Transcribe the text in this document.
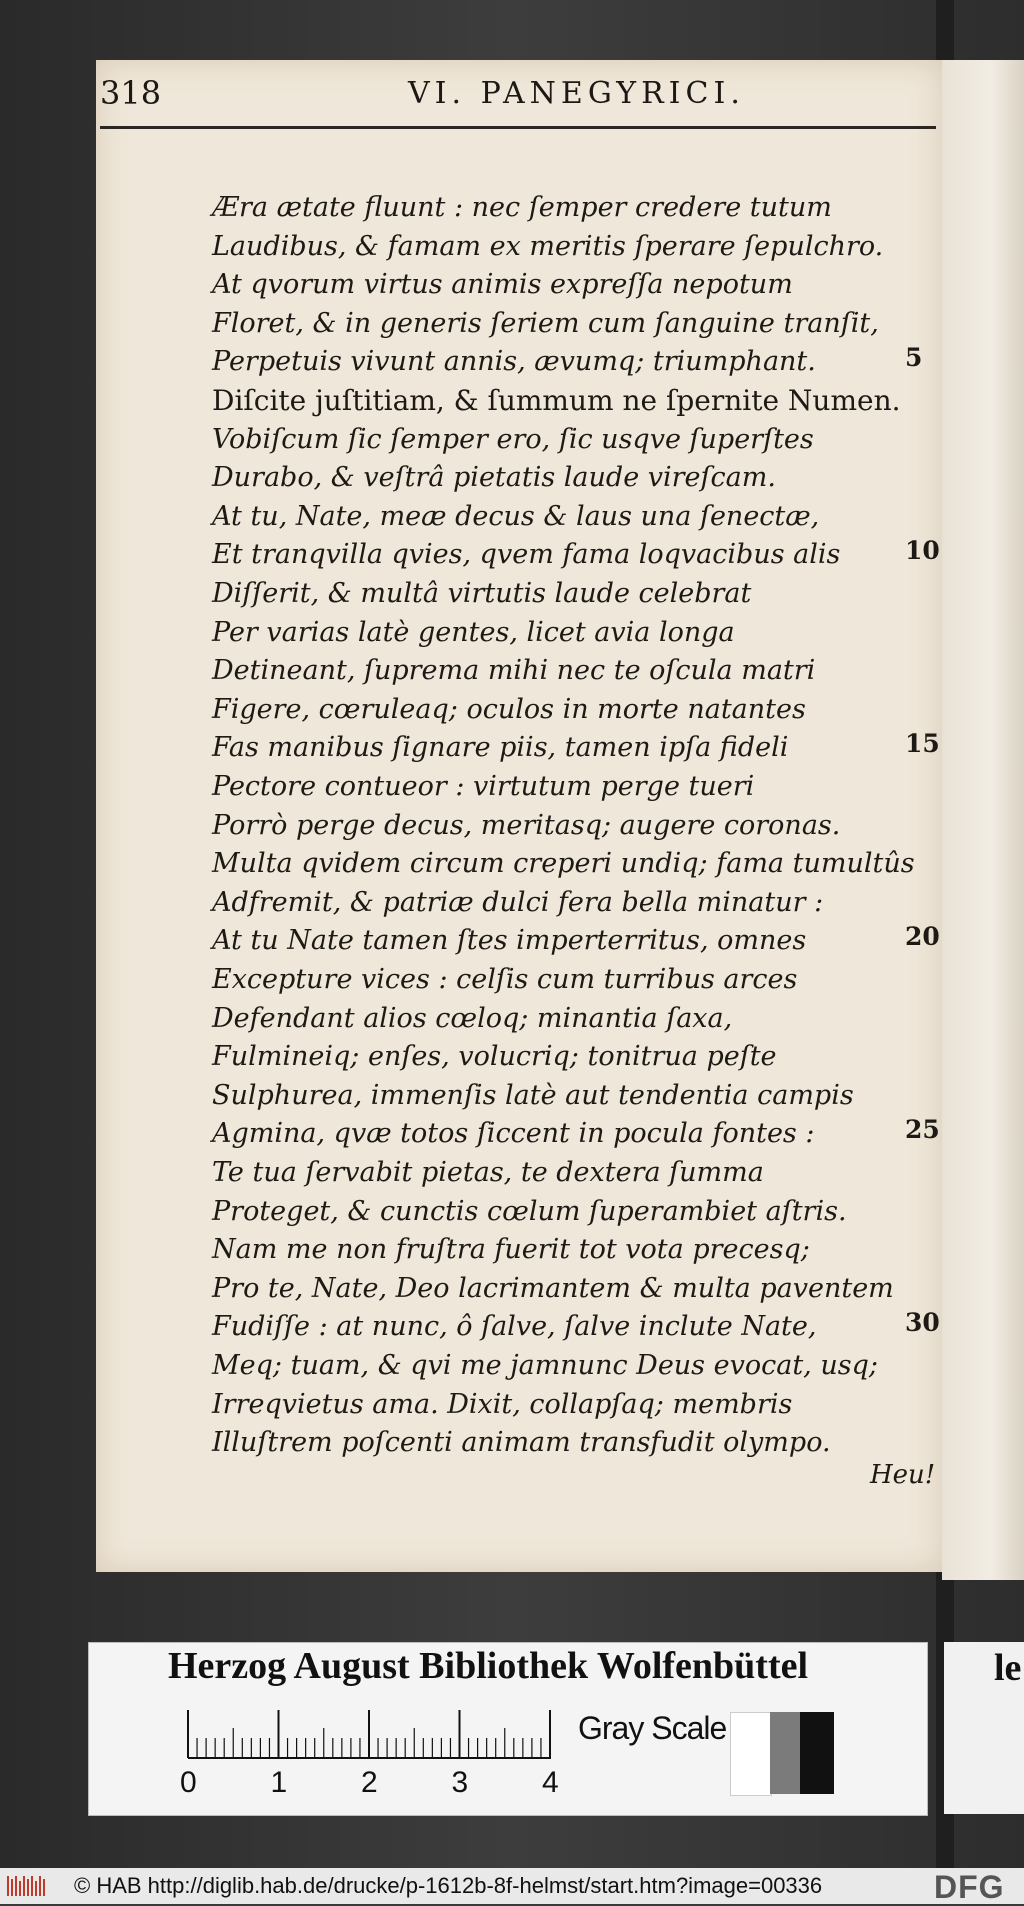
318	VI. PANEGYRICI.
Æra ætate fluunt : nec ſemper credere tutum
Laudibus, & famam ex meritis ſperare ſepulchro.
At qvorum virtus animis expreſſa nepotum
Floret, & in generis ſeriem cum ſanguine tranſit,
Perpetuis vivunt annis, ævumq; triumphant.
Diſcite juſtitiam, & ſummum ne ſpernite Numen.
Vobiſcum ſic ſemper ero, ſic usqve ſuperſtes
Durabo, & veſtrâ pietatis laude vireſcam.
At tu, Nate, meæ decus & laus una ſenectæ,
Et tranqvilla qvies, qvem fama loqvacibus alis
Diſſerit, & multâ virtutis laude celebrat
Per varias latè gentes, licet avia longa
Detineant, ſuprema mihi nec te oſcula matri
Figere, cœruleaq; oculos in morte natantes
Fas manibus ſignare piis, tamen ipſa fideli
Pectore contueor : virtutum perge tueri
Porrò perge decus, meritasq; augere coronas.
Multa qvidem circum creperi undiq; fama tumultûs
Adfremit, & patriæ dulci fera bella minatur :
At tu Nate tamen ſtes imperterritus, omnes
Excepture vices : celſis cum turribus arces
Defendant alios cœloq; minantia ſaxa,
Fulmineiq; enſes, volucriq; tonitrua peſte
Sulphurea, immenſis latè aut tendentia campis
Agmina, qvæ totos ſiccent in pocula fontes :
Te tua ſervabit pietas, te dextera ſumma
Proteget, & cunctis cœlum ſuperambiet aſtris.
Nam me non fruſtra fuerit tot vota precesq;
Pro te, Nate, Deo lacrimantem & multa paventem
Fudiſſe : at nunc, ô ſalve, ſalve inclute Nate,
Meq; tuam, & qvi me jamnunc Deus evocat, usq;
Irreqvietus ama. Dixit, collapſaq; membris
Illuſtrem poſcenti animam transfudit olympo.
5
10
15
20
25
30
Heu!
Herzog August Bibliothek Wolfenbüttel
0 1 2 3 4
Gray Scale
le
© HAB http://diglib.hab.de/drucke/p-1612b-8f-helmst/start.htm?image=00336	DFG
